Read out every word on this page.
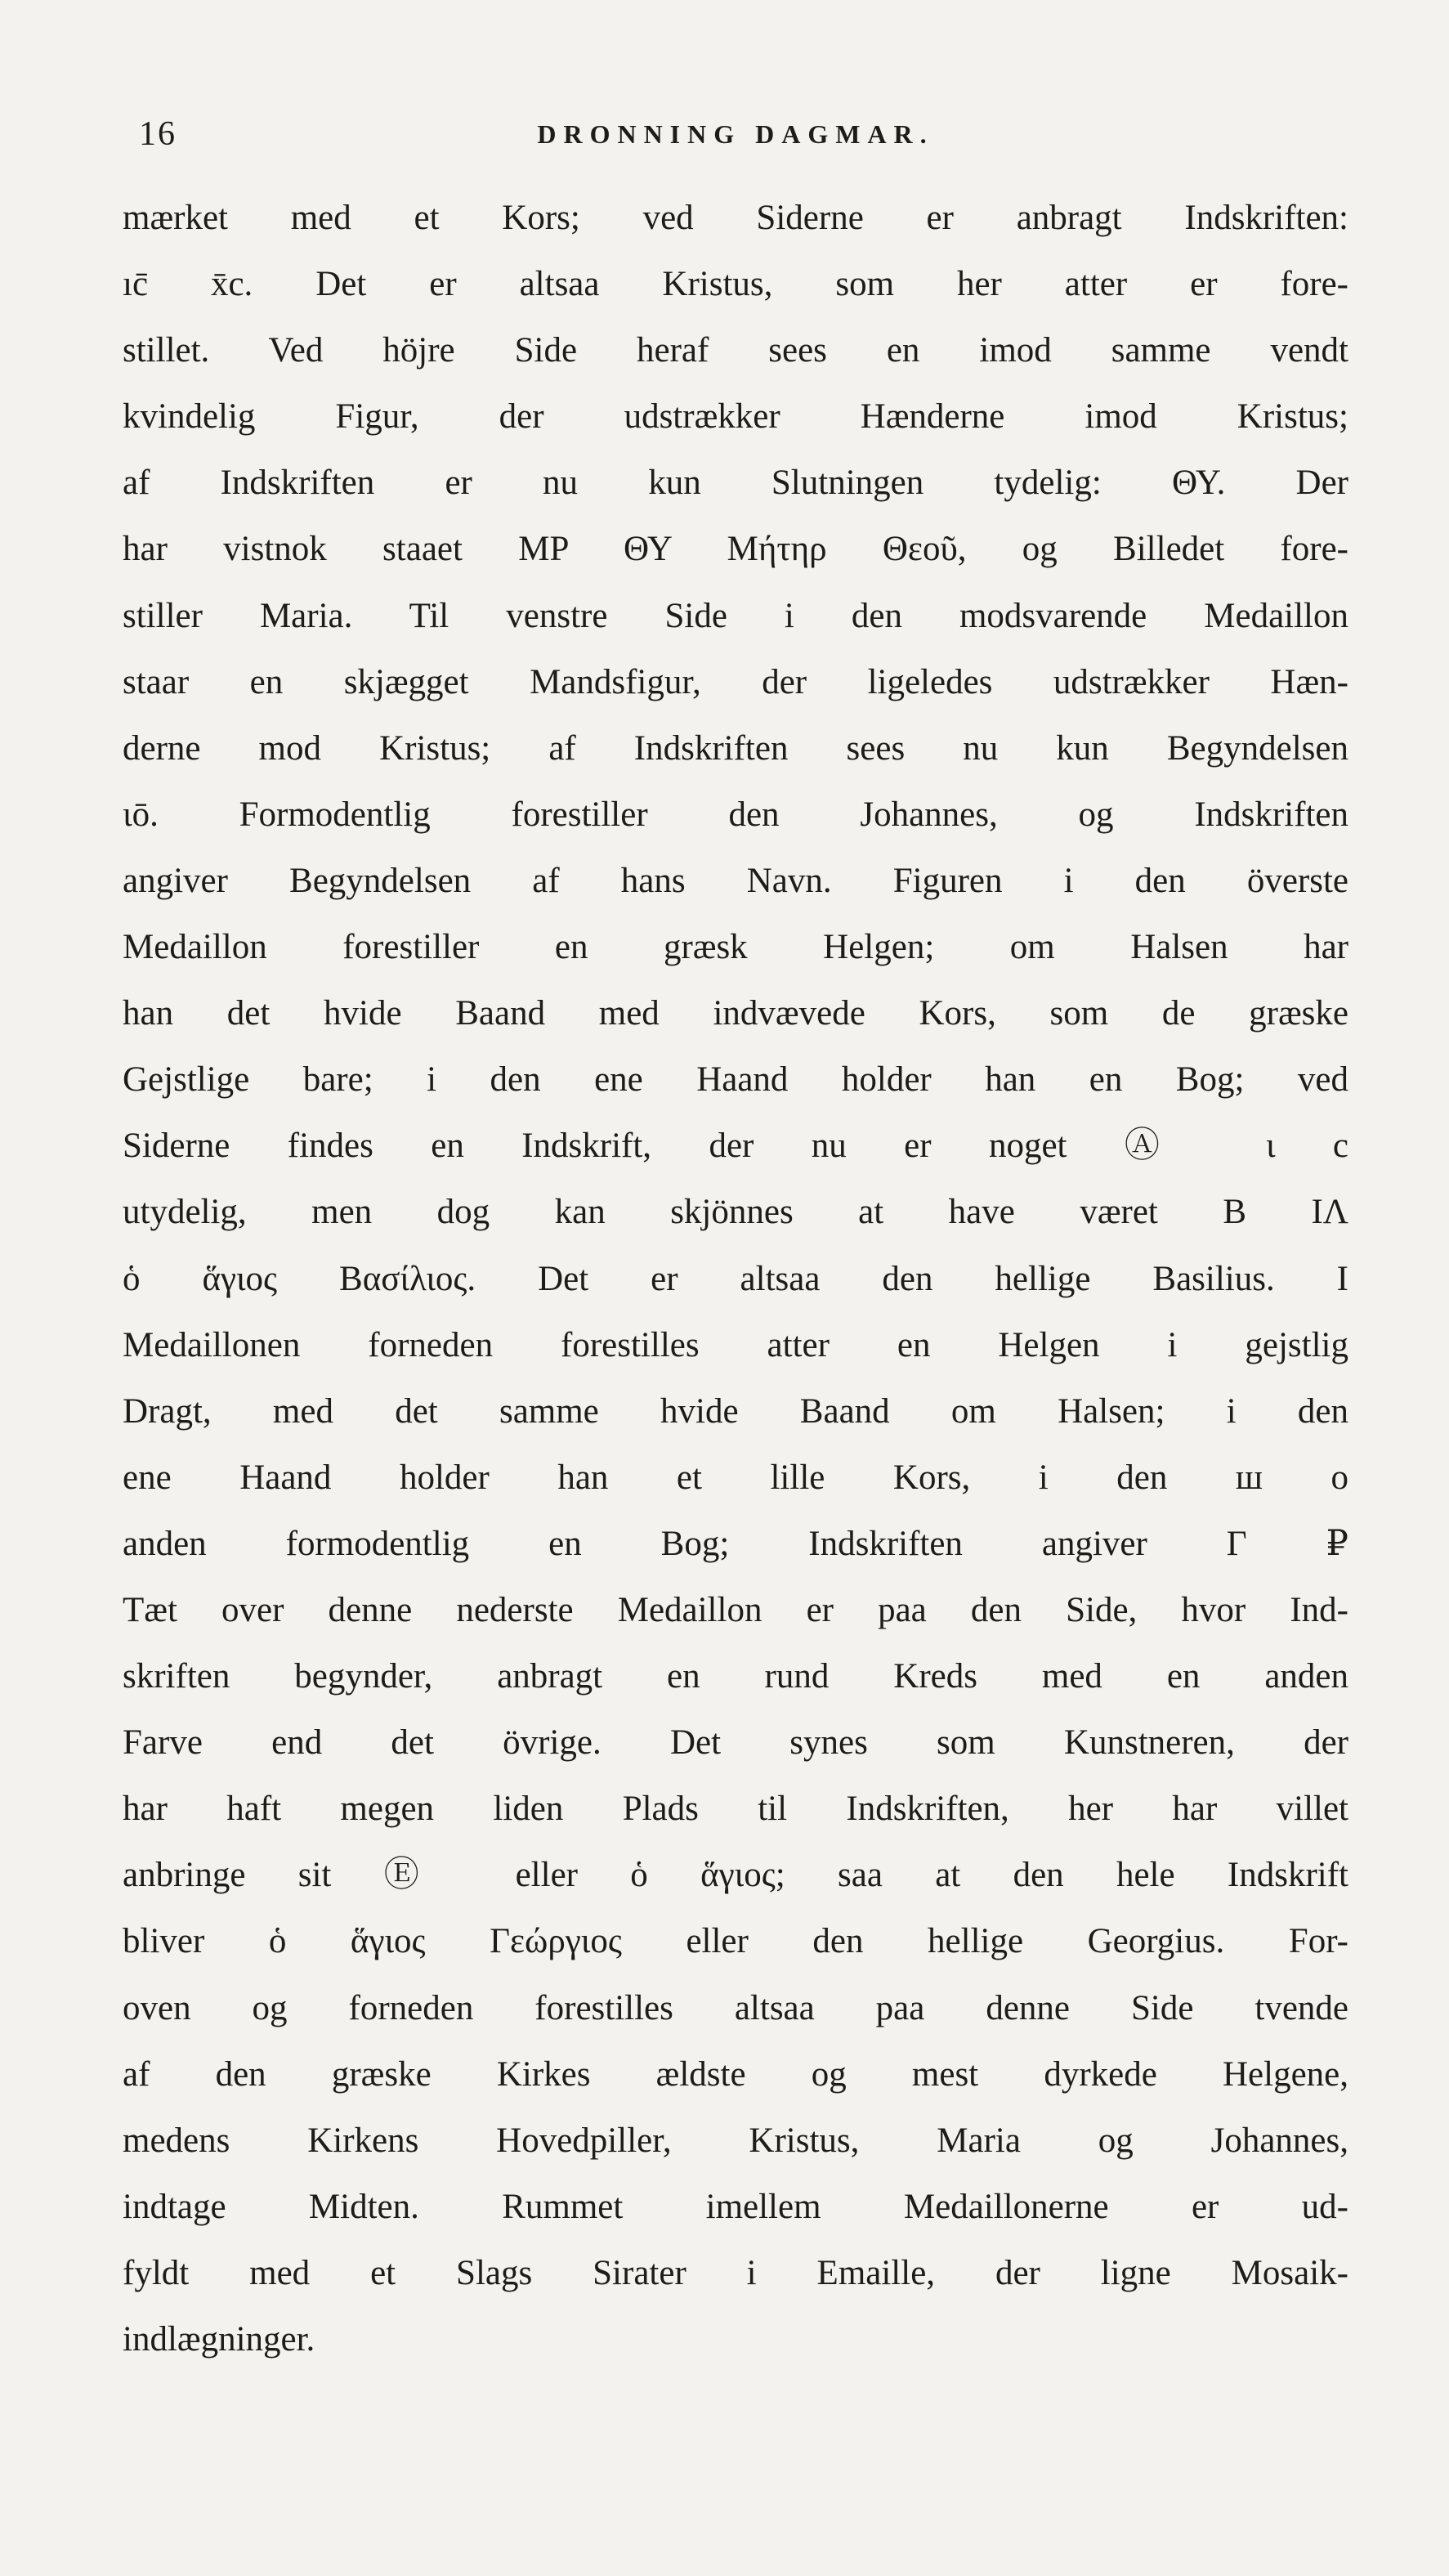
16	DRONNING DAGMAR.
mærket med et Kors; ved Siderne er anbragt Indskriften:
ıc̄ x̄c. Det er altsaa Kristus, som her atter er fore-
stillet. Ved höjre Side heraf sees en imod samme vendt
kvindelig Figur, der udstrækker Hænderne imod Kristus;
af Indskriften er nu kun Slutningen tydelig: ΘΥ. Der
har vistnok staaet MP ΘΥ Μήτηρ Θεοῦ, og Billedet fore-
stiller Maria. Til venstre Side i den modsvarende Medaillon
staar en skjægget Mandsfigur, der ligeledes udstrækker Hæn-
derne mod Kristus; af Indskriften sees nu kun Begyndelsen
ιō. Formodentlig forestiller den Johannes, og Indskriften
angiver Begyndelsen af hans Navn. Figuren i den överste
Medaillon forestiller en græsk Helgen; om Halsen har
han det hvide Baand med indvævede Kors, som de græske
Gejstlige bare; i den ene Haand holder han en Bog; ved
Siderne findes en Indskrift, der nu er noget Ⓐ ι c
utydelig, men dog kan skjönnes at have været B ΙΛ
ὁ ἅγιος Βασίλιος. Det er altsaa den hellige Basilius. I
Medaillonen forneden forestilles atter en Helgen i gejstlig
Dragt, med det samme hvide Baand om Halsen; i den
ene Haand holder han et lille Kors, i den ш ο
anden formodentlig en Bog; Indskriften angiver Γ ₽
Tæt over denne nederste Medaillon er paa den Side, hvor Ind-
skriften begynder, anbragt en rund Kreds med en anden
Farve end det övrige. Det synes som Kunstneren, der
har haft megen liden Plads til Indskriften, her har villet
anbringe sit Ⓔ eller ὁ ἅγιος; saa at den hele Indskrift
bliver ὁ ἅγιος Γεώργιος eller den hellige Georgius. For-
oven og forneden forestilles altsaa paa denne Side tvende
af den græske Kirkes ældste og mest dyrkede Helgene,
medens Kirkens Hovedpiller, Kristus, Maria og Johannes,
indtage Midten. Rummet imellem Medaillonerne er ud-
fyldt med et Slags Sirater i Emaille, der ligne Mosaik-
indlægninger.
